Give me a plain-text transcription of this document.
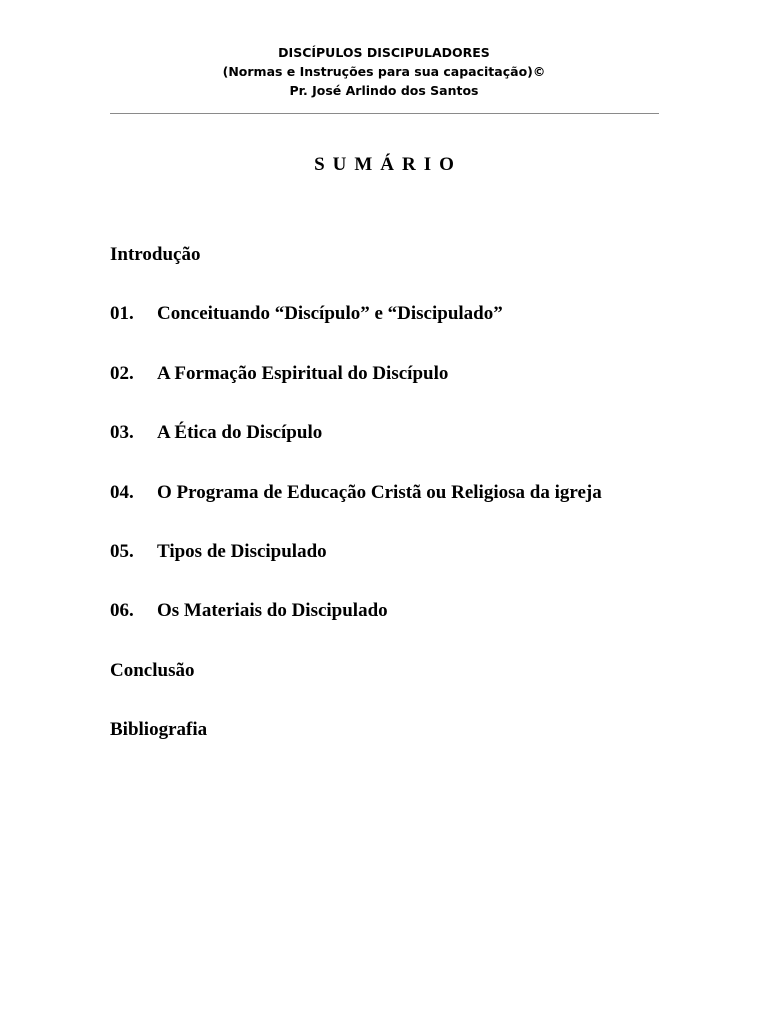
DISCÍPULOS DISCIPULADORES
(Normas e Instruções para sua capacitação)©
Pr. José Arlindo dos Santos
SUMÁRIO
Introdução
01. Conceituando “Discípulo” e “Discipulado”
02. A Formação Espiritual do Discípulo
03. A Ética do Discípulo
04. O Programa de Educação Cristã ou Religiosa da igreja
05. Tipos de Discipulado
06. Os Materiais do Discipulado
Conclusão
Bibliografia
